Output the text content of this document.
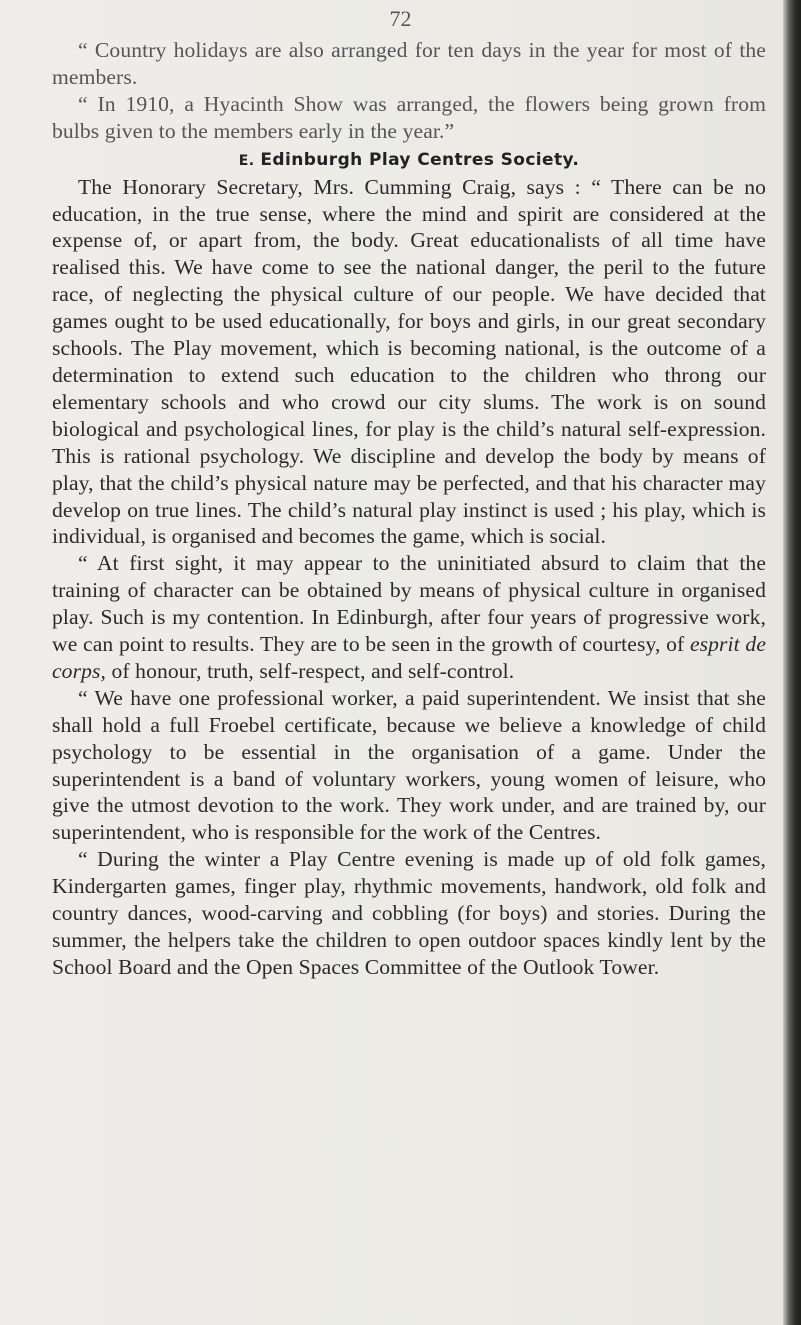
72

“ Country holidays are also arranged for ten days in the year for most of the members.

“ In 1910, a Hyacinth Show was arranged, the flowers being grown from bulbs given to the members early in the year.”

E. Edinburgh Play Centres Society.

The Honorary Secretary, Mrs. Cumming Craig, says : “ There can be no education, in the true sense, where the mind and spirit are considered at the expense of, or apart from, the body. Great educationalists of all time have realised this. We have come to see the national danger, the peril to the future race, of neglecting the physical culture of our people. We have decided that games ought to be used educationally, for boys and girls, in our great secondary schools. The Play movement, which is becoming national, is the outcome of a determination to extend such education to the children who throng our elementary schools and who crowd our city slums. The work is on sound biological and psychological lines, for play is the child’s natural self-expression. This is rational psychology. We discipline and develop the body by means of play, that the child’s physical nature may be perfected, and that his character may develop on true lines. The child’s natural play instinct is used ; his play, which is individual, is organised and becomes the game, which is social.

“ At first sight, it may appear to the uninitiated absurd to claim that the training of character can be obtained by means of physical culture in organised play. Such is my contention. In Edinburgh, after four years of progressive work, we can point to results. They are to be seen in the growth of courtesy, of esprit de corps, of honour, truth, self-respect, and self-control.

“ We have one professional worker, a paid superintendent. We insist that she shall hold a full Froebel certificate, because we believe a knowledge of child psychology to be essential in the organisation of a game. Under the superintendent is a band of voluntary workers, young women of leisure, who give the utmost devotion to the work. They work under, and are trained by, our superintendent, who is responsible for the work of the Centres.

“ During the winter a Play Centre evening is made up of old folk games, Kindergarten games, finger play, rhythmic movements, handwork, old folk and country dances, wood-carving and cobbling (for boys) and stories. During the summer, the helpers take the children to open outdoor spaces kindly lent by the School Board and the Open Spaces Committee of the Outlook Tower.
